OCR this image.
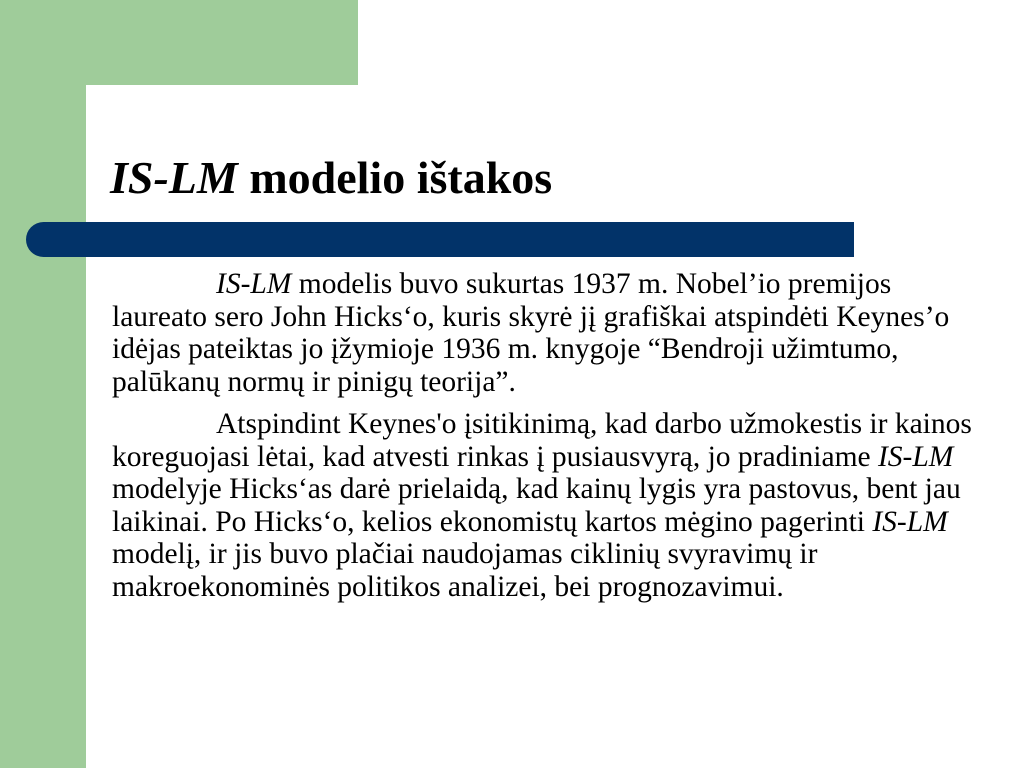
IS-LM modelio ištakos

IS-LM modelis buvo sukurtas 1937 m. Nobel’io premijos laureato sero John Hicks‘o, kuris skyrė jį grafiškai atspindėti Keynes’o idėjas pateiktas jo įžymioje 1936 m. knygoje “Bendroji užimtumo, palūkanų normų ir pinigų teorija”.

Atspindint Keynes'o įsitikinimą, kad darbo užmokestis ir kainos koreguojasi lėtai, kad atvesti rinkas į pusiausvyrą, jo pradiniame IS-LM modelyje Hicks‘as darė prielaidą, kad kainų lygis yra pastovus, bent jau laikinai. Po Hicks‘o, kelios ekonomistų kartos mėgino pagerinti IS-LM modelį, ir jis buvo plačiai naudojamas ciklinių svyravimų ir makroekonominės politikos analizei, bei prognozavimui.
